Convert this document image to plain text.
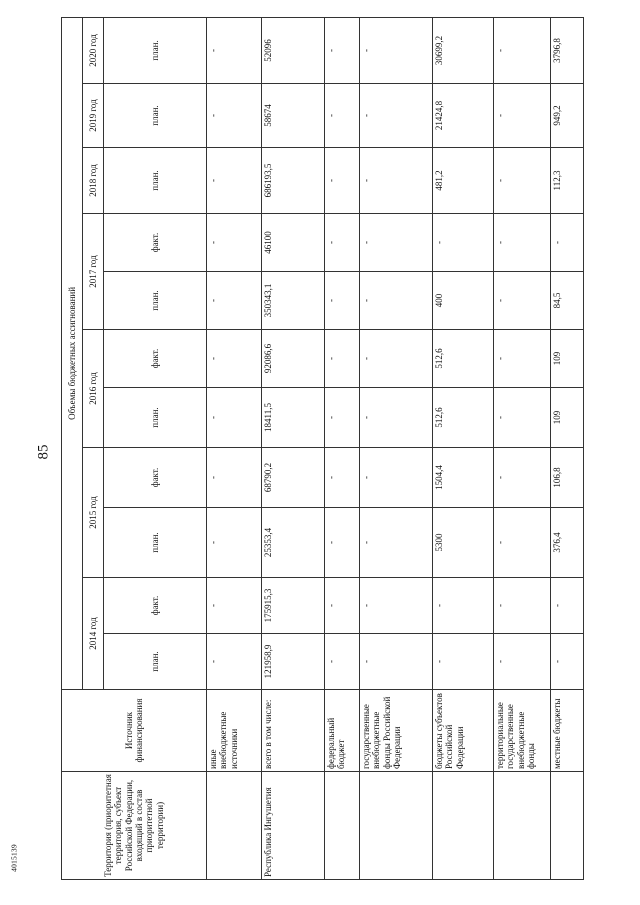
85
4015139	Территория (приоритетная территория, субъект Российской Федерации, входящий в состав приоритетной территории)	Источник финансирования	Объемы бюджетных ассигнований										
		2014 год		2015 год		2016 год		2017 год		2018 год	2019 год	2020 год
		план.	факт.	план.	факт.	план.	факт.	план.	факт.	план.	план.	план.
	иные внебюджетные источники	-	-	-	-	-	-	-	-	-	-	-
Республика Ингушетия	всего в том числе:	121958,9	175915,3	25353,4	68790,2	18411,5	92086,6	350343,1	46100	686193,5	58674	52096
	федеральный бюджет	-	-	-	-	-	-	-	-	-	-	-
	государственные внебюджетные фонды Российской Федерации	-	-	-	-	-	-	-	-	-	-	-
	бюджеты субъектов Российской Федерации	-	-	5300	1504,4	512,6	512,6	400	-	481,2	21424,8	30699,2
	территориальные государственные внебюджетные фонды	-	-	-	-	-	-	-	-	-	-	-
	местные бюджеты	-	-	376,4	106,8	109	109	84,5	-	112,3	949,2	3796,8
